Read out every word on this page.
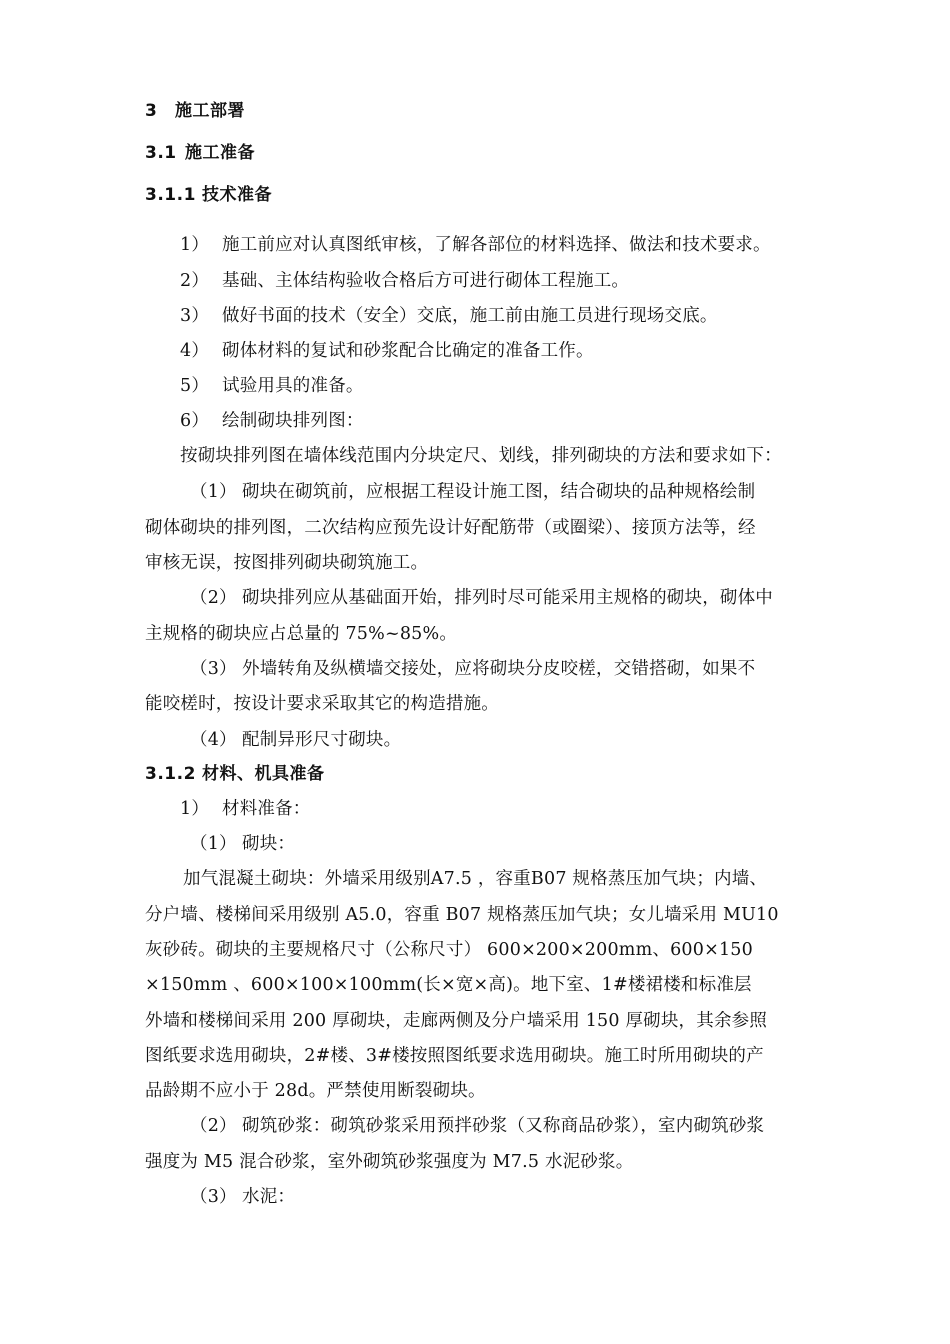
3 施工部署
3.1 施工准备
3.1.1 技术准备
1） 施工前应对认真图纸审核，了解各部位的材料选择、做法和技术要求。
2） 基础、主体结构验收合格后方可进行砌体工程施工。
3） 做好书面的技术（安全）交底，施工前由施工员进行现场交底。
4） 砌体材料的复试和砂浆配合比确定的准备工作。
5） 试验用具的准备。
6） 绘制砌块排列图：
按砌块排列图在墙体线范围内分块定尺、划线，排列砌块的方法和要求如下：
（1） 砌块在砌筑前，应根据工程设计施工图，结合砌块的品种规格绘制
砌体砌块的排列图，二次结构应预先设计好配筋带（或圈梁）、接顶方法等，经
审核无误，按图排列砌块砌筑施工。
（2） 砌块排列应从基础面开始，排列时尽可能采用主规格的砌块，砌体中
主规格的砌块应占总量的 75%~85%。
（3） 外墙转角及纵横墙交接处，应将砌块分皮咬槎，交错搭砌，如果不
能咬槎时，按设计要求采取其它的构造措施。
（4） 配制异形尺寸砌块。
3.1.2 材料、机具准备
1） 材料准备：
（1） 砌块：
加气混凝土砌块：外墙采用级别A7.5 ，容重B07 规格蒸压加气块；内墙、
分户墙、楼梯间采用级别 A5.0，容重 B07 规格蒸压加气块；女儿墙采用 MU10
灰砂砖。砌块的主要规格尺寸（公称尺寸） 600×200×200mm、600×150
×150mm 、600×100×100mm(长×宽×高)。地下室、1#楼裙楼和标准层
外墙和楼梯间采用 200 厚砌块，走廊两侧及分户墙采用 150 厚砌块，其余参照
图纸要求选用砌块，2#楼、3#楼按照图纸要求选用砌块。施工时所用砌块的产
品龄期不应小于 28d。严禁使用断裂砌块。
（2） 砌筑砂浆：砌筑砂浆采用预拌砂浆（又称商品砂浆），室内砌筑砂浆
强度为 M5 混合砂浆，室外砌筑砂浆强度为 M7.5 水泥砂浆。
（3） 水泥：
